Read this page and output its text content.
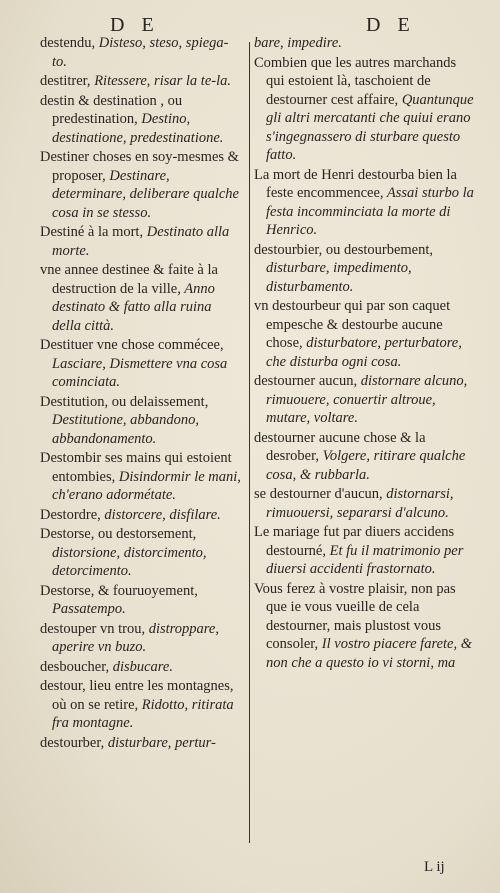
D E	D E
destendu, Disteso, steso, spiega-to.
destitrer, Ritessere, risar la te-la.
destin & destination , ou predestination, Destino, destinatione, predestinatione.
Destiner choses en soy-mesmes & proposer, Destinare, determinare, deliberare qualche cosa in se stesso.
Destiné à la mort, Destinato alla morte.
vne annee destinee & faite à la destruction de la ville, Anno destinato & fatto alla ruina della città.
Destituer vne chose commécee, Lasciare, Dismettere vna cosa cominciata.
Destitution, ou delaissement, Destitutione, abbandono, abbandonamento.
Destombir ses mains qui estoient entombies, Disindormir le mani, ch'erano adormétate.
Destordre, distorcere, disfilare.
Destorse, ou destorsement, distorsione, distorcimento, detorcimento.
Destorse, & fouruoyement, Passatempo.
destouper vn trou, distroppare, aperire vn buzo.
desboucher, disbucare.
destour, lieu entre les montagnes, où on se retire, Ridotto, ritirata fra montagne.
destourber, disturbare, pertur-
bare, impedire.
Combien que les autres marchands qui estoient là, taschoient de destourner cest affaire, Quantunque gli altri mercatanti che quiui erano s'ingegnassero di sturbare questo fatto.
La mort de Henri destourba bien la feste encommencee, Assai sturbo la festa incomminciata la morte di Henrico.
destourbier, ou destourbement, disturbare, impedimento, disturbamento.
vn destourbeur qui par son caquet empesche & destourbe aucune chose, disturbatore, perturbatore, che disturba ogni cosa.
destourner aucun, distornare alcuno, rimuouere, conuertir altroue, mutare, voltare.
destourner aucune chose & la desrober, Volgere, ritirare qualche cosa, & rubbarla.
se destourner d'aucun, distornarsi, rimuouersi, separarsi d'alcuno.
Le mariage fut par diuers accidens destourné, Et fu il matrimonio per diuersi accidenti frastornato.
Vous ferez à vostre plaisir, non pas que ie vous vueille de cela destourner, mais plustost vous consoler, Il vostro piacere farete, & non che a questo io vi storni, ma
L ij
